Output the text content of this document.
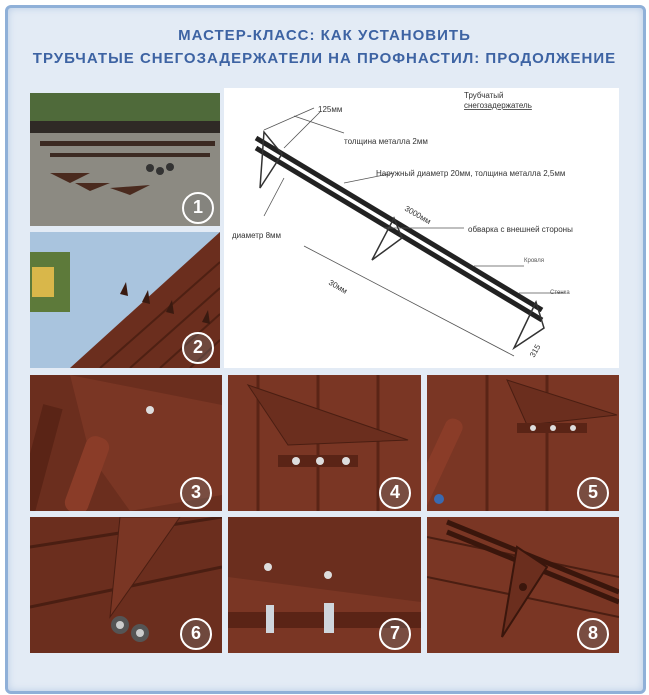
МАСТЕР-КЛАСС: КАК УСТАНОВИТЬ
ТРУБЧАТЫЕ СНЕГОЗАДЕРЖАТЕЛИ НА ПРОФНАСТИЛ: ПРОДОЛЖЕНИЕ
1
2
Трубчатый
снегозадержатель
125мм
толщина металла 2мм
Наружный диаметр 20мм, толщина металла 2,5мм
3000мм
обварка с внешней стороны
диаметр 8мм
30мм
Кровля
Стенка
315
3	4	5
6	7	8
